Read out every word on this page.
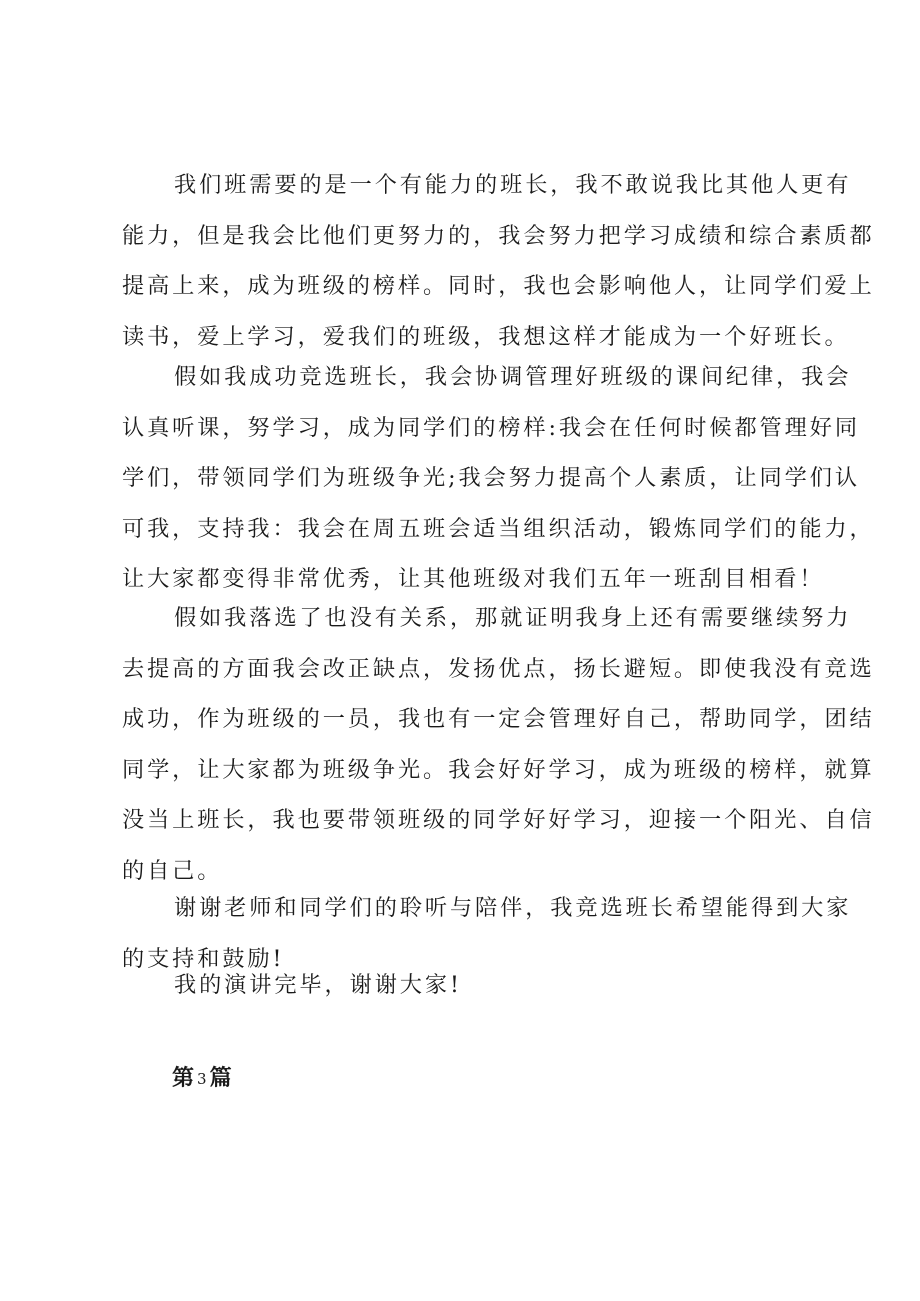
我们班需要的是一个有能力的班长，我不敢说我比其他人更有
能力，但是我会比他们更努力的，我会努力把学习成绩和综合素质都
提高上来，成为班级的榜样。同时，我也会影响他人，让同学们爱上
读书，爱上学习，爱我们的班级，我想这样才能成为一个好班长。
假如我成功竞选班长，我会协调管理好班级的课间纪律，我会
认真听课，努学习，成为同学们的榜样:我会在任何时候都管理好同
学们，带领同学们为班级争光;我会努力提高个人素质，让同学们认
可我，支持我：我会在周五班会适当组织活动，锻炼同学们的能力，
让大家都变得非常优秀，让其他班级对我们五年一班刮目相看！
假如我落选了也没有关系，那就证明我身上还有需要继续努力
去提高的方面我会改正缺点，发扬优点，扬长避短。即使我没有竞选
成功，作为班级的一员，我也有一定会管理好自己，帮助同学，团结
同学，让大家都为班级争光。我会好好学习，成为班级的榜样，就算
没当上班长，我也要带领班级的同学好好学习，迎接一个阳光、自信
的自己。
谢谢老师和同学们的聆听与陪伴，我竞选班长希望能得到大家
的支持和鼓励!
我的演讲完毕，谢谢大家!
第 3篇
